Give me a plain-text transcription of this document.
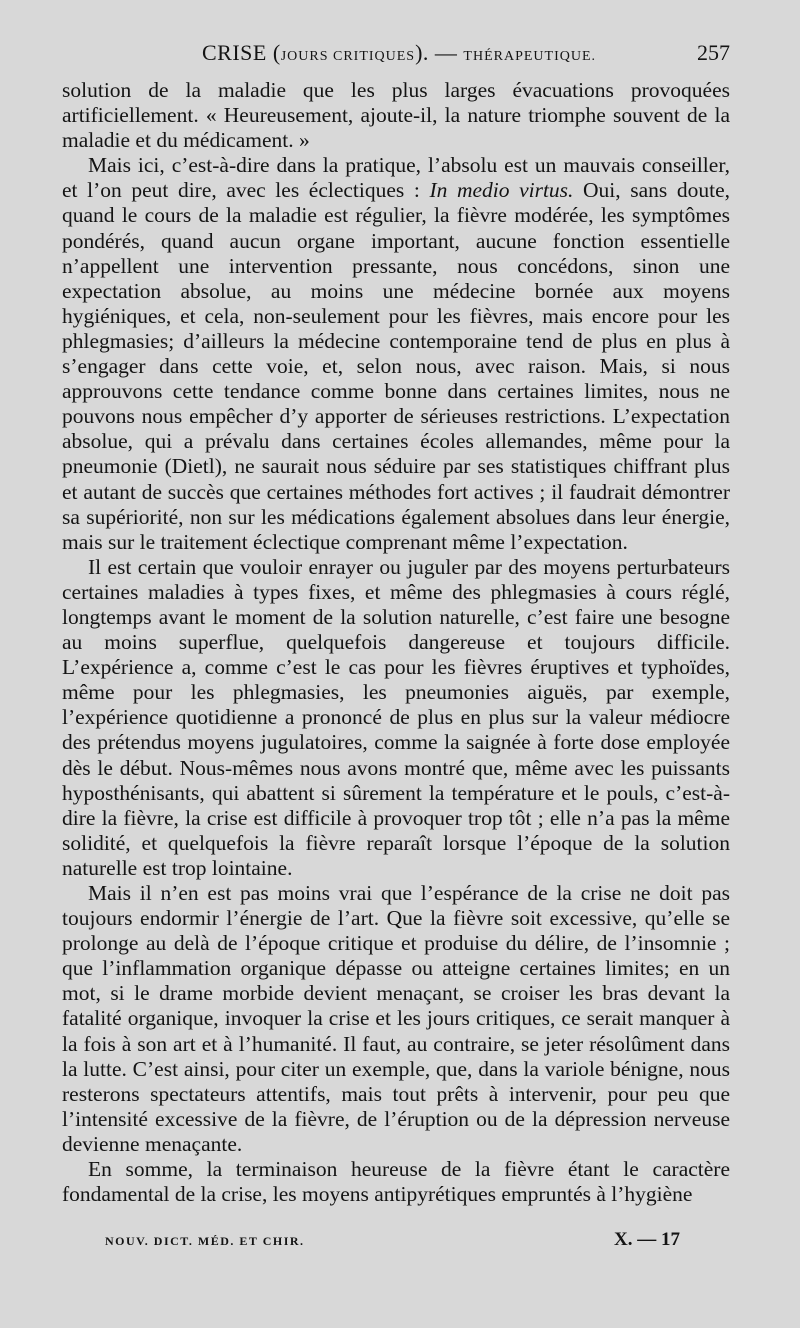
CRISE (JOURS CRITIQUES). — THÉRAPEUTIQUE.	257

solution de la maladie que les plus larges évacuations provoquées artificiellement. « Heureusement, ajoute-il, la nature triomphe souvent de la maladie et du médicament. »

Mais ici, c’est-à-dire dans la pratique, l’absolu est un mauvais conseiller, et l’on peut dire, avec les éclectiques : In medio virtus. Oui, sans doute, quand le cours de la maladie est régulier, la fièvre modérée, les symptômes pondérés, quand aucun organe important, aucune fonction essentielle n’appellent une intervention pressante, nous concédons, sinon une expectation absolue, au moins une médecine bornée aux moyens hygiéniques, et cela, non-seulement pour les fièvres, mais encore pour les phlegmasies; d’ailleurs la médecine contemporaine tend de plus en plus à s’engager dans cette voie, et, selon nous, avec raison. Mais, si nous approuvons cette tendance comme bonne dans certaines limites, nous ne pouvons nous empêcher d’y apporter de sérieuses restrictions. L’expectation absolue, qui a prévalu dans certaines écoles allemandes, même pour la pneumonie (Dietl), ne saurait nous séduire par ses statistiques chiffrant plus et autant de succès que certaines méthodes fort actives ; il faudrait démontrer sa supériorité, non sur les médications également absolues dans leur énergie, mais sur le traitement éclectique comprenant même l’expectation.

Il est certain que vouloir enrayer ou juguler par des moyens perturbateurs certaines maladies à types fixes, et même des phlegmasies à cours réglé, longtemps avant le moment de la solution naturelle, c’est faire une besogne au moins superflue, quelquefois dangereuse et toujours difficile. L’expérience a, comme c’est le cas pour les fièvres éruptives et typhoïdes, même pour les phlegmasies, les pneumonies aiguës, par exemple, l’expérience quotidienne a prononcé de plus en plus sur la valeur médiocre des prétendus moyens jugulatoires, comme la saignée à forte dose employée dès le début. Nous-mêmes nous avons montré que, même avec les puissants hyposthénisants, qui abattent si sûrement la température et le pouls, c’est-à-dire la fièvre, la crise est difficile à provoquer trop tôt ; elle n’a pas la même solidité, et quelquefois la fièvre reparaît lorsque l’époque de la solution naturelle est trop lointaine.

Mais il n’en est pas moins vrai que l’espérance de la crise ne doit pas toujours endormir l’énergie de l’art. Que la fièvre soit excessive, qu’elle se prolonge au delà de l’époque critique et produise du délire, de l’insomnie ; que l’inflammation organique dépasse ou atteigne certaines limites; en un mot, si le drame morbide devient menaçant, se croiser les bras devant la fatalité organique, invoquer la crise et les jours critiques, ce serait manquer à la fois à son art et à l’humanité. Il faut, au contraire, se jeter résolûment dans la lutte. C’est ainsi, pour citer un exemple, que, dans la variole bénigne, nous resterons spectateurs attentifs, mais tout prêts à intervenir, pour peu que l’intensité excessive de la fièvre, de l’éruption ou de la dépression nerveuse devienne menaçante.

En somme, la terminaison heureuse de la fièvre étant le caractère fondamental de la crise, les moyens antipyrétiques empruntés à l’hygiène

NOUV. DICT. MÉD. ET CHIR.	X. — 17
